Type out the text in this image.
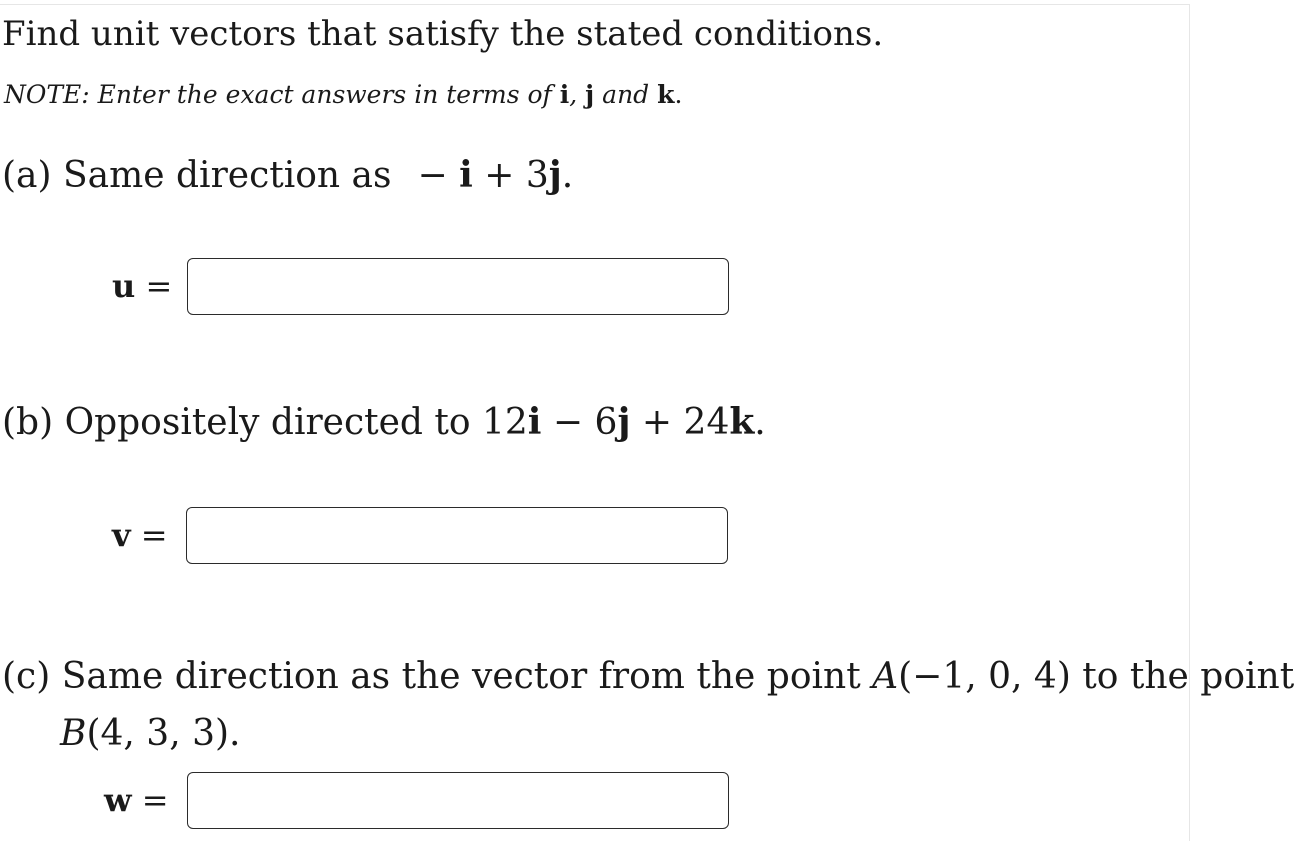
Find unit vectors that satisfy the stated conditions.
NOTE: Enter the exact answers in terms of i, j and k.
(a) Same direction as − i + 3j.
u =
(b) Oppositely directed to 12i − 6j + 24k.
v =
(c) Same direction as the vector from the point A(−1, 0, 4) to the point
B(4, 3, 3).
w =
